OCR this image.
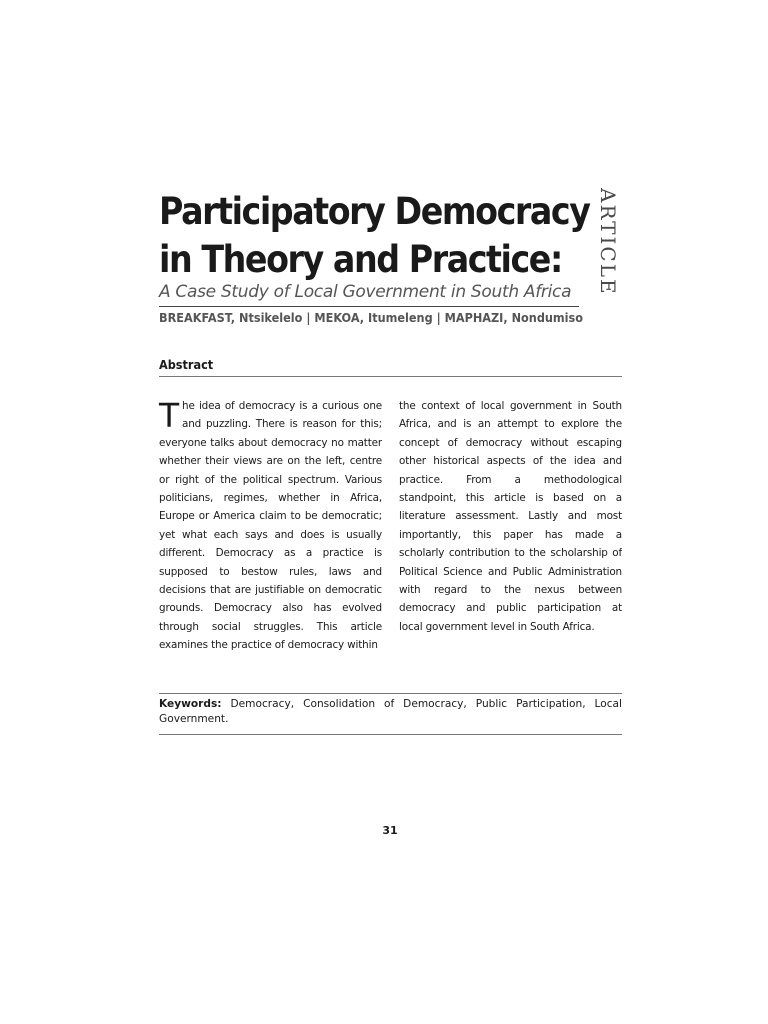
Participatory Democracy
in Theory and Practice: ARTICLE
A Case Study of Local Government in South Africa
BREAKFAST, Ntsikelelo | MEKOA, Itumeleng | MAPHAZI, Nondumiso
Abstract
T he idea of democracy is a curious one
and puzzling. There is reason for this;
everyone talks about democracy no matter
whether their views are on the left, centre
or right of the political spectrum. Various
politicians, regimes, whether in Africa,
Europe or America claim to be democratic;
yet what each says and does is usually
different. Democracy as a practice is
supposed to bestow rules, laws and
decisions that are justifiable on democratic
grounds. Democracy also has evolved
through social struggles. This article
examines the practice of democracy within
the context of local government in South
Africa, and is an attempt to explore the
concept of democracy without escaping
other historical aspects of the idea and
practice. From a methodological
standpoint, this article is based on a
literature assessment. Lastly and most
importantly, this paper has made a
scholarly contribution to the scholarship of
Political Science and Public Administration
with regard to the nexus between
democracy and public participation at
local government level in South Africa.
Keywords: Democracy, Consolidation of Democracy, Public Participation, Local Government.
31
